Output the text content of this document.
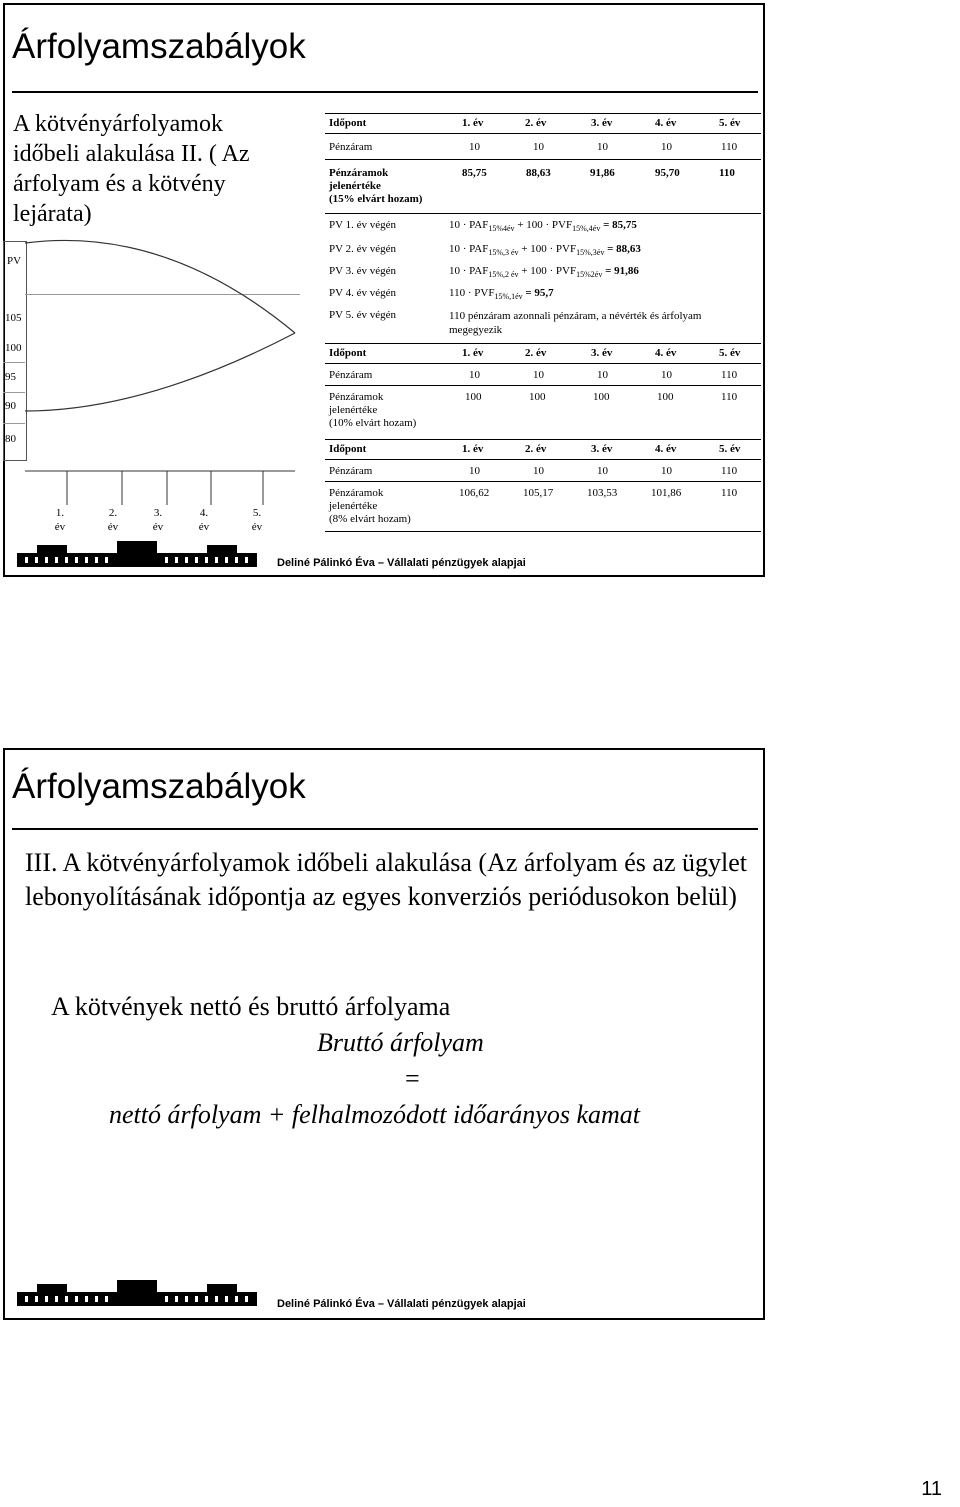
Árfolyamszabályok
A kötvényárfolyamok időbeli alakulása II. ( Az árfolyam és a kötvény lejárata)
PV
105
100
95
90
80
1.
év
2.
év
3.
év
4.
év
5.
év
Időpont	1. év	2. év	3. év	4. év	5. év
Pénzáram	10	10	10	10	110
Pénzáramok
jelenértéke
(15% elvárt hozam)
85,75	88,63	91,86	95,70	110
PV 1. év végén	$10 \cdot PAF_{15\%4év} + 100 \cdot PVF_{15\%,4év} = 85,75$
PV 2. év végén	$10 \cdot PAF_{15\%,3 év} + 100 \cdot PVF_{15\%,3év} = 88,63$
PV 3. év végén	$10 \cdot PAF_{15\%,2 év} + 100 \cdot PVF_{15\%2év} = 91,86$
PV 4. év végén	$110 \cdot PVF_{15\%,1év} = 95,7$
PV 5. év végén	110 pénzáram azonnali pénzáram, a névérték és árfolyam
megegyezik
Időpont	1. év	2. év	3. év	4. év	5. év
Pénzáram	10	10	10	10	110
Pénzáramok
jelenértéke
(10% elvárt hozam)
100	100	100	100	110
Időpont	1. év	2. év	3. év	4. év	5. év
Pénzáram	10	10	10	10	110
Pénzáramok
jelenértéke
(8% elvárt hozam)
106,62	105,17	103,53	101,86	110
Deliné Pálinkó Éva – Vállalati pénzügyek alapjai
Árfolyamszabályok
III. A kötvényárfolyamok időbeli alakulása (Az árfolyam és az ügylet lebonyolításának időpontja az egyes konverziós periódusokon belül)
A kötvények nettó és bruttó árfolyama
Bruttó árfolyam
=
nettó árfolyam + felhalmozódott időarányos kamat
Deliné Pálinkó Éva – Vállalati pénzügyek alapjai
11
